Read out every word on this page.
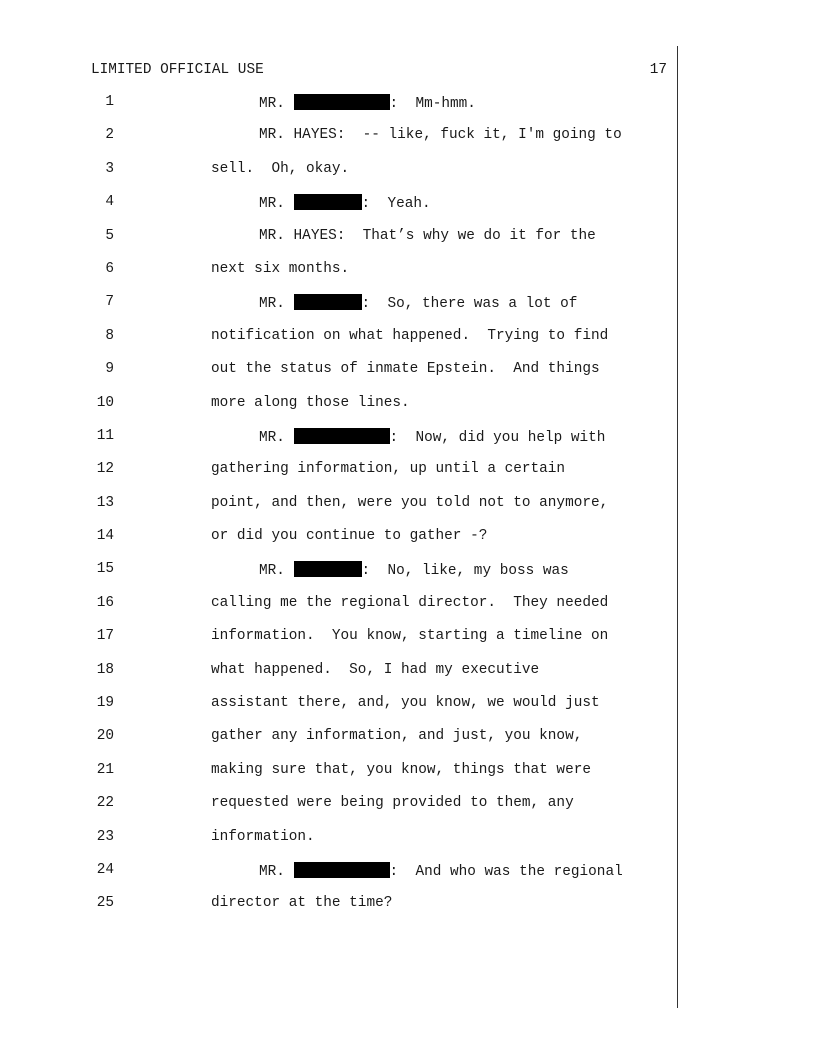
LIMITED OFFICIAL USE	17
1	MR.	:  Mm-hmm.
2	MR. HAYES:  -- like, fuck it, I'm going to
3	sell.  Oh, okay.
4	MR.	:  Yeah.
5	MR. HAYES:  That’s why we do it for the
6	next six months.
7	MR.	:  So, there was a lot of
8	notification on what happened.  Trying to find
9	out the status of inmate Epstein.  And things
10	more along those lines.
11	MR.	:  Now, did you help with
12	gathering information, up until a certain
13	point, and then, were you told not to anymore,
14	or did you continue to gather -?
15	MR.	:  No, like, my boss was
16	calling me the regional director.  They needed
17	information.  You know, starting a timeline on
18	what happened.  So, I had my executive
19	assistant there, and, you know, we would just
20	gather any information, and just, you know,
21	making sure that, you know, things that were
22	requested were being provided to them, any
23	information.
24	MR.	:  And who was the regional
25	director at the time?
